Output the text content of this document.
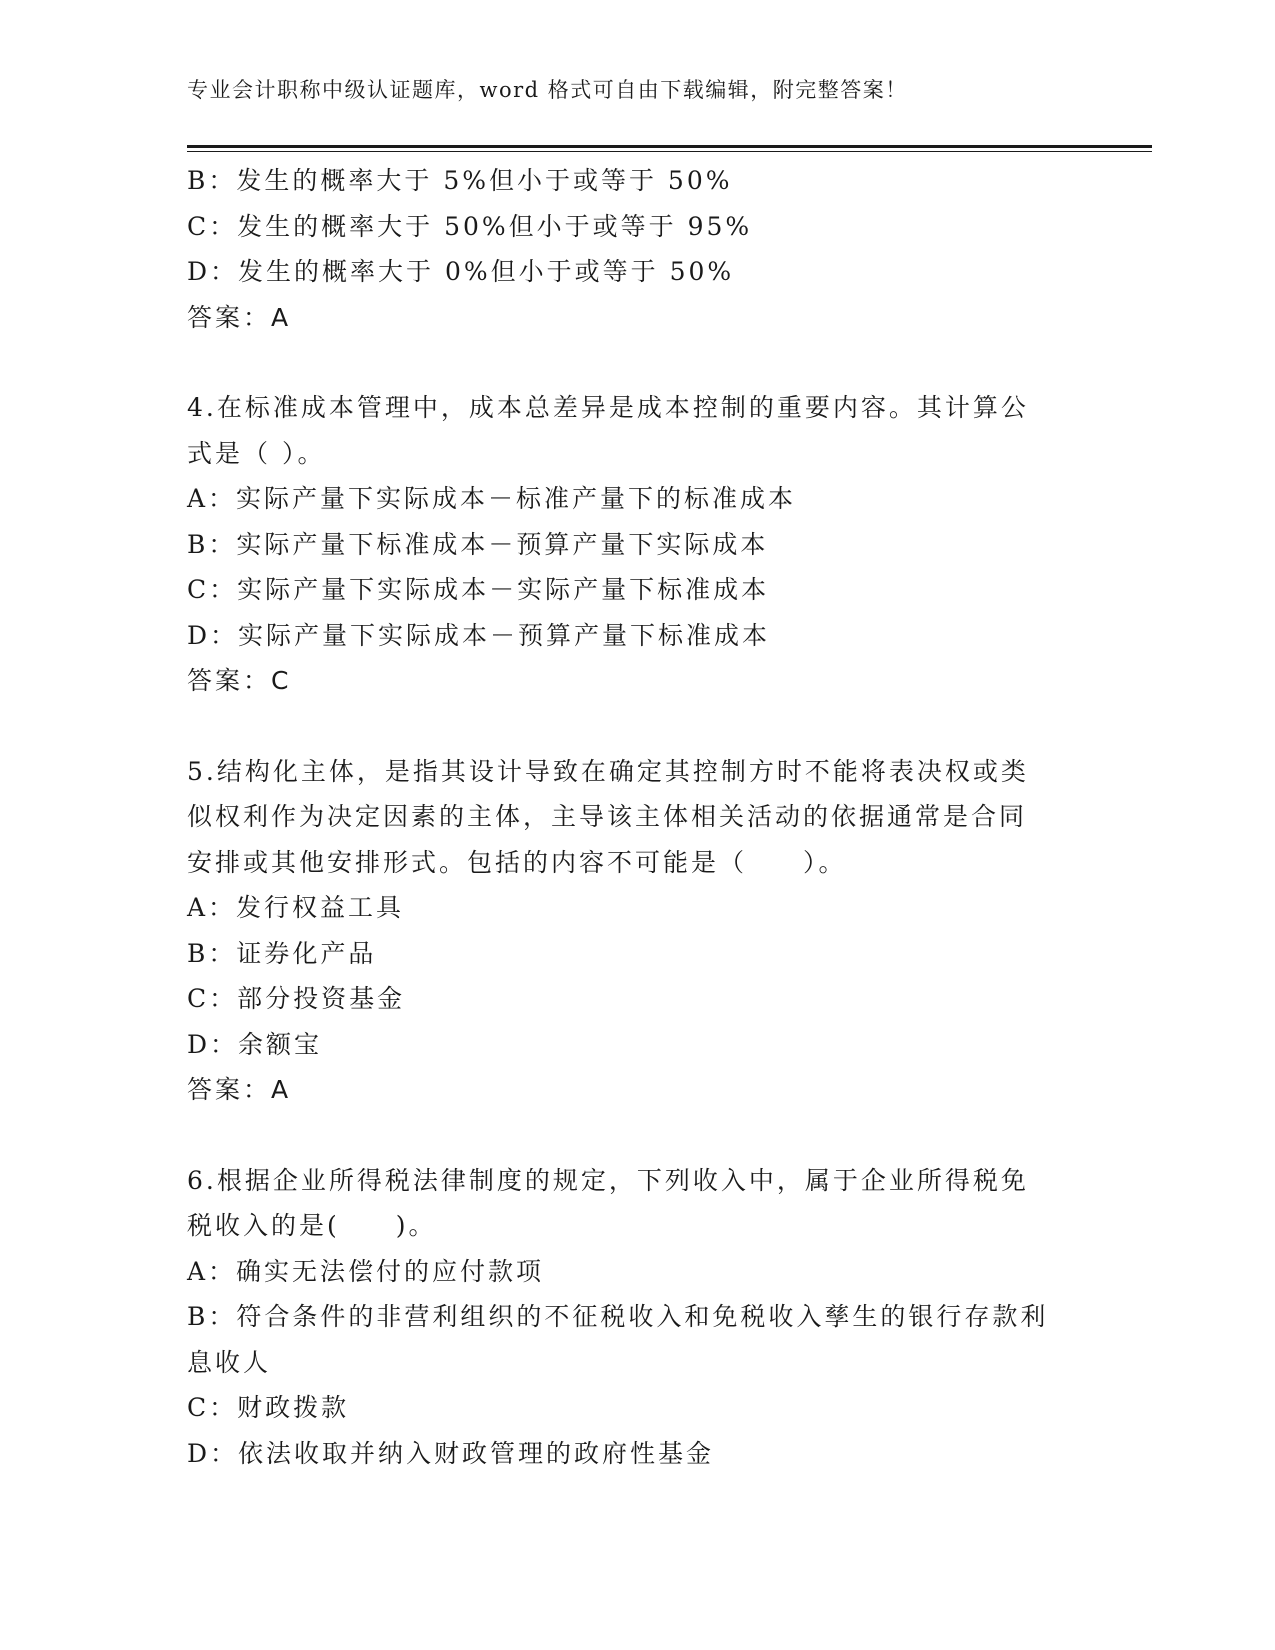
专业会计职称中级认证题库，word 格式可自由下载编辑，附完整答案！
B：发生的概率大于 5%但小于或等于 50%
C：发生的概率大于 50%但小于或等于 95%
D：发生的概率大于 0%但小于或等于 50%
答案：A
4.在标准成本管理中，成本总差异是成本控制的重要内容。其计算公
式是（ ）。
A：实际产量下实际成本－标准产量下的标准成本
B：实际产量下标准成本－预算产量下实际成本
C：实际产量下实际成本－实际产量下标准成本
D：实际产量下实际成本－预算产量下标准成本
答案：C
5.结构化主体，是指其设计导致在确定其控制方时不能将表决权或类
似权利作为决定因素的主体，主导该主体相关活动的依据通常是合同
安排或其他安排形式。包括的内容不可能是（　　）。
A：发行权益工具
B：证券化产品
C：部分投资基金
D：余额宝
答案：A
6.根据企业所得税法律制度的规定，下列收入中，属于企业所得税免
税收入的是(　　)。
A：确实无法偿付的应付款项
B：符合条件的非营利组织的不征税收入和免税收入孳生的银行存款利
息收人
C：财政拨款
D：依法收取并纳入财政管理的政府性基金
